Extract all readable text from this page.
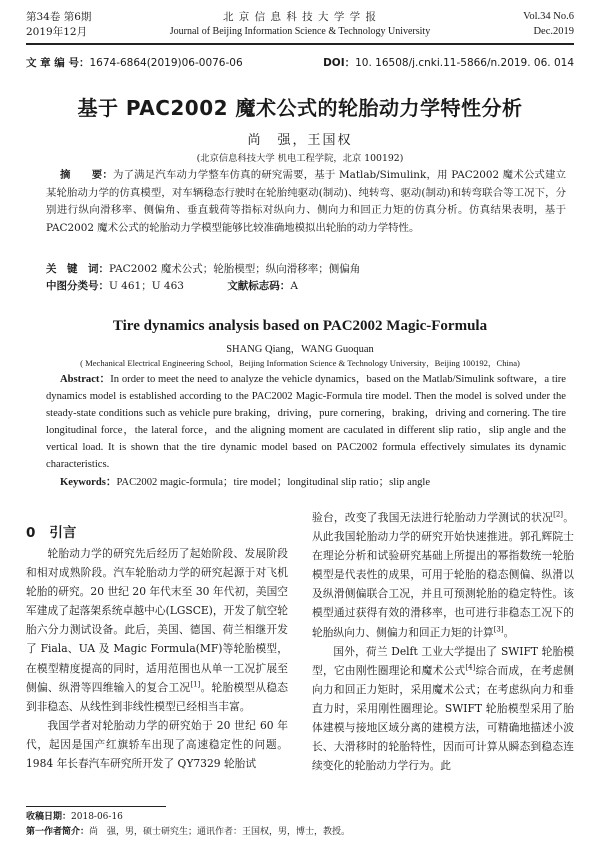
第34卷 第6期
2019年12月
北 京 信 息 科 技 大 学 学 报
Journal of Beijing Information Science & Technology University
Vol.34 No.6
Dec.2019
文 章 编 号：1674-6864(2019)06-0076-06	DOI：10. 16508/j.cnki.11-5866/n.2019. 06. 014
基于 PAC2002 魔术公式的轮胎动力学特性分析
尚　强，王国权
(北京信息科技大学 机电工程学院，北京 100192)
摘　　要：为了满足汽车动力学整车仿真的研究需要，基于 Matlab/Simulink，用 PAC2002 魔术公式建立某轮胎动力学的仿真模型，对车辆稳态行驶时在轮胎纯驱动(制动)、纯转弯、驱动(制动)和转弯联合等工况下，分别进行纵向滑移率、侧偏角、垂直载荷等指标对纵向力、侧向力和回正力矩的仿真分析。仿真结果表明，基于 PAC2002 魔术公式的轮胎动力学模型能够比较准确地模拟出轮胎的动力学特性。
关　键　词：PAC2002 魔术公式；轮胎模型；纵向滑移率；侧偏角
中图分类号：U 461；U 463	文献标志码：A
Tire dynamics analysis based on PAC2002 Magic-Formula
SHANG Qiang，WANG Guoquan
( Mechanical Electrical Engineering School，Beijing Information Science & Technology University，Beijing 100192，China)
Abstract：In order to meet the need to analyze the vehicle dynamics，based on the Matlab/Simulink software，a tire dynamics model is established according to the PAC2002 Magic-Formula tire model. Then the model is solved under the steady-state conditions such as vehicle pure braking，driving，pure cornering，braking，driving and cornering. The tire longitudinal force，the lateral force，and the aligning moment are caculated in different slip ratio，slip angle and the vertical load. It is shown that the tire dynamic model based on PAC2002 formula effectively simulates its dynamic characteristics.
Keywords：PAC2002 magic-formula；tire model；longitudinal slip ratio；slip angle
0 引言

轮胎动力学的研究先后经历了起始阶段、发展阶段和相对成熟阶段。汽车轮胎动力学的研究起源于对飞机轮胎的研究。20 世纪 20 年代末至 30 年代初，美国空军建成了起落架系统卓越中心(LGSCE)，开发了航空轮胎六分力测试设备。此后，美国、德国、荷兰相继开发了 Fiala、UA 及 Magic Formula(MF)等轮胎模型，在模型精度提高的同时，适用范围也从单一工况扩展至侧偏、纵滑等四维输入的复合工况[1]。轮胎模型从稳态到非稳态、从线性到非线性模型已经相当丰富。

我国学者对轮胎动力学的研究始于 20 世纪 60 年代，起因是国产红旗轿车出现了高速稳定性的问题。1984 年长春汽车研究所开发了 QY7329 轮胎试

验台，改变了我国无法进行轮胎动力学测试的状况[2]。从此我国轮胎动力学的研究开始快速推进。郭孔辉院士在理论分析和试验研究基础上所提出的幂指数统一轮胎模型是代表性的成果，可用于轮胎的稳态侧偏、纵滑以及纵滑侧偏联合工况，并且可预测轮胎的稳定特性。该模型通过获得有效的滑移率，也可进行非稳态工况下的轮胎纵向力、侧偏力和回正力矩的计算[3]。

国外，荷兰 Delft 工业大学提出了 SWIFT 轮胎模型，它由刚性圈理论和魔术公式[4]综合而成，在考虑侧向力和回正力矩时，采用魔术公式；在考虑纵向力和垂直力时，采用刚性圈理论。SWIFT 轮胎模型采用了胎体建模与接地区域分离的建模方法，可精确地描述小波长、大滑移时的轮胎特性，因而可计算从瞬态到稳态连续变化的轮胎动力学行为。此

收稿日期：2018-06-16
第一作者简介：尚　强，男，硕士研究生；通讯作者：王国权，男，博士，教授。
